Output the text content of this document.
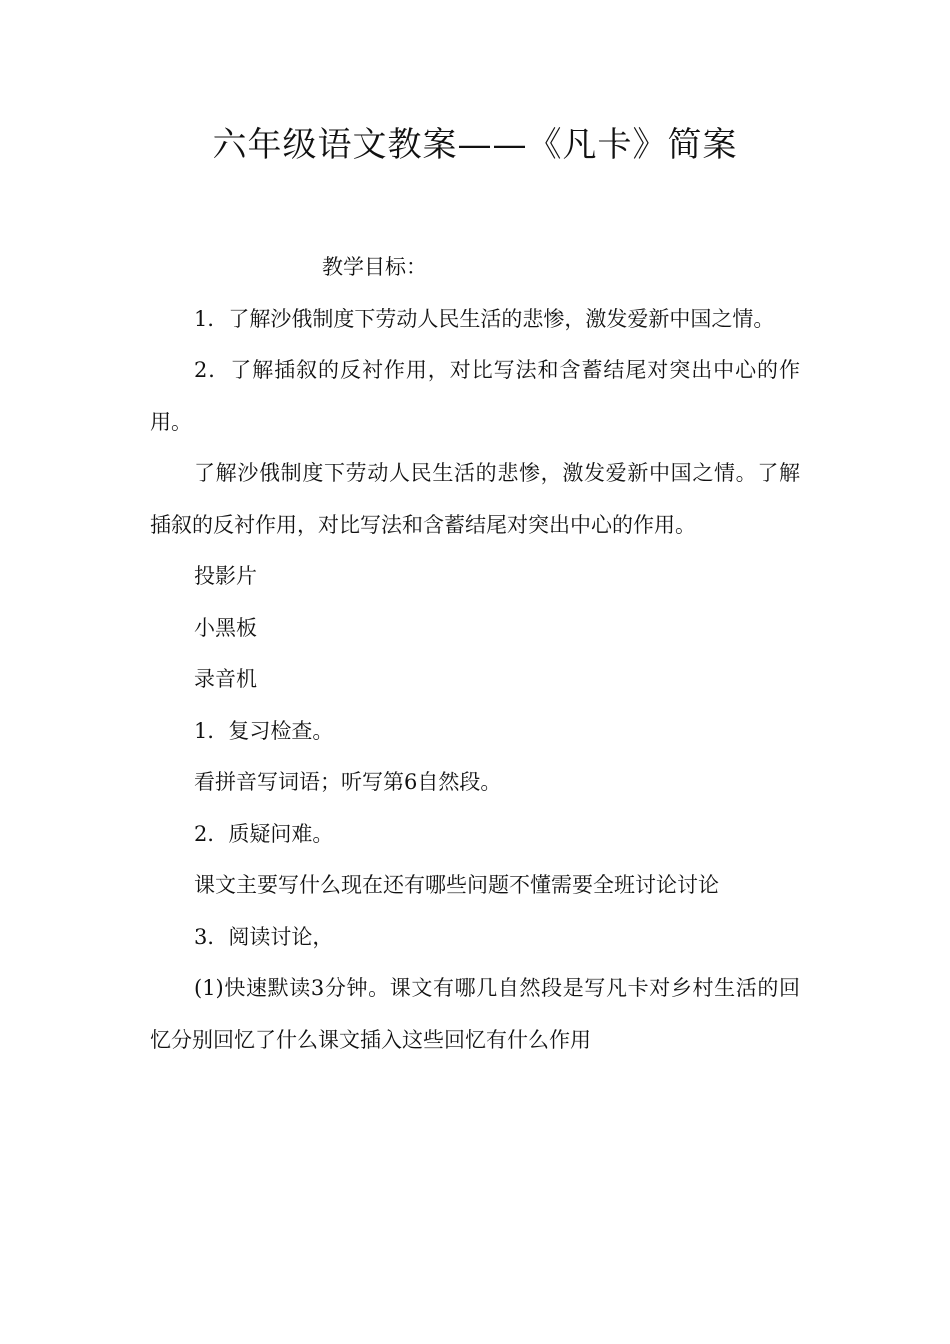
六年级语文教案——《凡卡》简案

教学目标：

1．了解沙俄制度下劳动人民生活的悲惨，激发爱新中国之情。

2．了解插叙的反衬作用，对比写法和含蓄结尾对突出中心的作用。

了解沙俄制度下劳动人民生活的悲惨，激发爱新中国之情。了解插叙的反衬作用，对比写法和含蓄结尾对突出中心的作用。

投影片

小黑板

录音机

1．复习检查。

看拼音写词语；听写第6自然段。

2．质疑问难。

课文主要写什么现在还有哪些问题不懂需要全班讨论讨论

3．阅读讨论，

(1)快速默读3分钟。课文有哪几自然段是写凡卡对乡村生活的回忆分别回忆了什么课文插入这些回忆有什么作用
